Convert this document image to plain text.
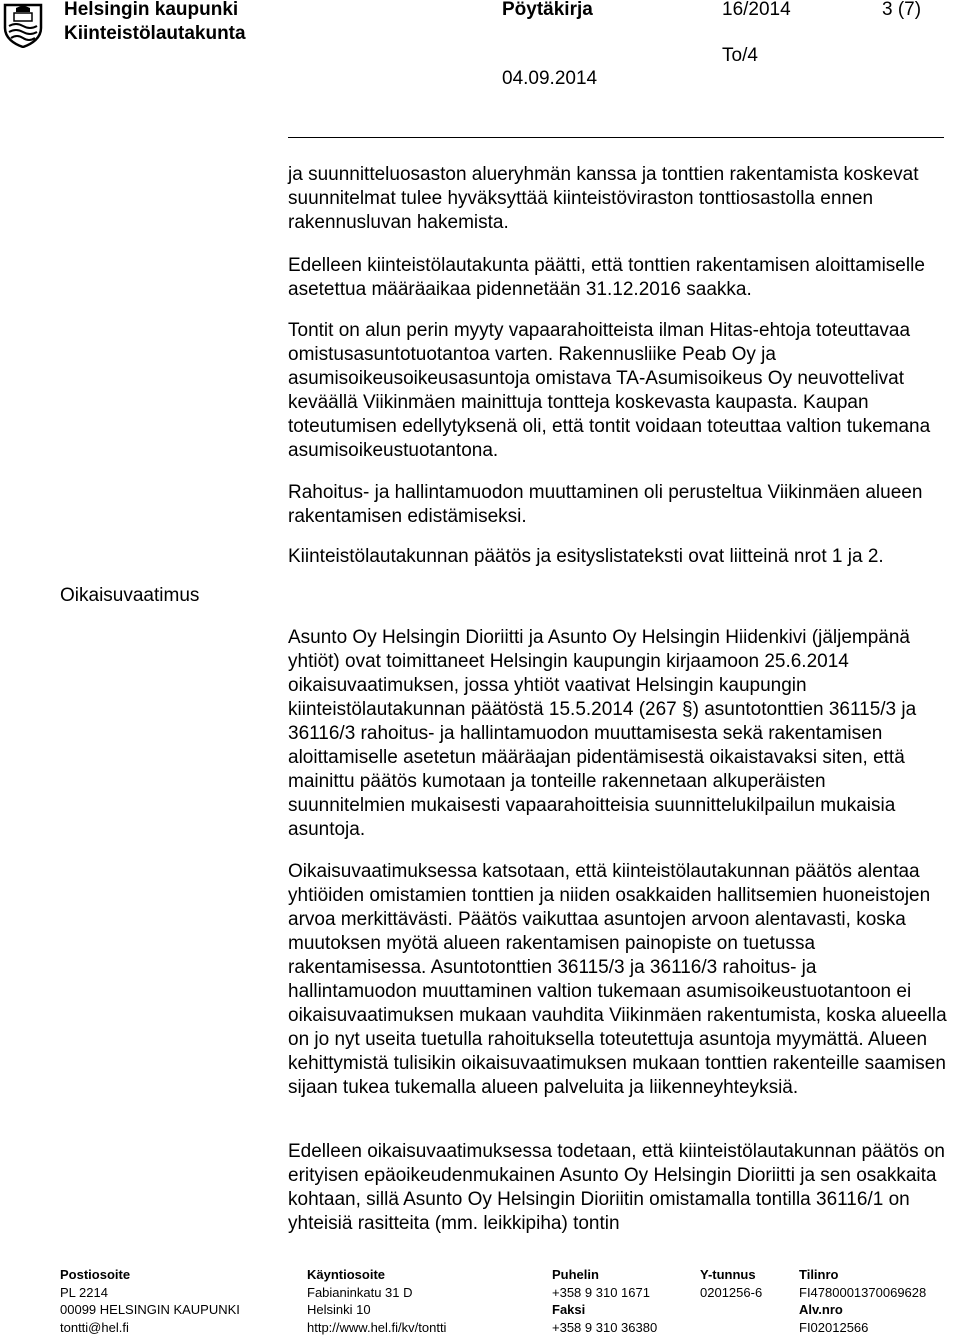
Helsingin kaupunki
Kiinteistölautakunta
Pöytäkirja	16/2014	3 (7)
To/4
04.09.2014
Oikaisuvaatimus
ja suunnitteluosaston alueryhmän kanssa ja tonttien rakentamista koskevat suunnitelmat tulee hyväksyttää kiinteistöviraston tonttiosastolla ennen rakennusluvan hakemista.
Edelleen kiinteistölautakunta päätti, että tonttien rakentamisen aloittamiselle asetettua määräaikaa pidennetään 31.12.2016 saakka.
Tontit on alun perin myyty vapaarahoitteista ilman Hitas-ehtoja toteuttavaa omistusasuntotuotantoa varten. Rakennusliike Peab Oy ja asumisoikeusoikeusasuntoja omistava TA-Asumisoikeus Oy neuvottelivat keväällä Viikinmäen mainittuja tontteja koskevasta kaupasta. Kaupan toteutumisen edellytyksenä oli, että tontit voidaan toteuttaa valtion tukemana asumisoikeustuotantona.
Rahoitus- ja hallintamuodon muuttaminen oli perusteltua Viikinmäen alueen rakentamisen edistämiseksi.
Kiinteistölautakunnan päätös ja esityslistateksti ovat liitteinä nrot 1 ja 2.
Asunto Oy Helsingin Dioriitti ja Asunto Oy Helsingin Hiidenkivi (jäljempänä yhtiöt) ovat toimittaneet Helsingin kaupungin kirjaamoon 25.6.2014 oikaisuvaatimuksen, jossa yhtiöt vaativat Helsingin kaupungin kiinteistölautakunnan päätöstä 15.5.2014 (267 §) asuntotonttien 36115/3 ja 36116/3 rahoitus- ja hallintamuodon muuttamisesta sekä rakentamisen aloittamiselle asetetun määräajan pidentämisestä oikaistavaksi siten, että mainittu päätös kumotaan ja tonteille rakennetaan alkuperäisten suunnitelmien mukaisesti vapaarahoitteisia suunnittelukilpailun mukaisia asuntoja.
Oikaisuvaatimuksessa katsotaan, että kiinteistölautakunnan päätös alentaa yhtiöiden omistamien tonttien ja niiden osakkaiden hallitsemien huoneistojen arvoa merkittävästi. Päätös vaikuttaa asuntojen arvoon alentavasti, koska muutoksen myötä alueen rakentamisen painopiste on tuetussa rakentamisessa. Asuntotonttien 36115/3 ja 36116/3 rahoitus- ja hallintamuodon muuttaminen valtion tukemaan asumisoikeustuotantoon ei oikaisuvaatimuksen mukaan vauhdita Viikinmäen rakentumista, koska alueella on jo nyt useita tuetulla rahoituksella toteutettuja asuntoja myymättä. Alueen kehittymistä tulisikin oikaisuvaatimuksen mukaan tonttien rakenteille saamisen sijaan tukea tukemalla alueen palveluita ja liikenneyhteyksiä.
Edelleen oikaisuvaatimuksessa todetaan, että kiinteistölautakunnan päätös on erityisen epäoikeudenmukainen Asunto Oy Helsingin Dioriitti ja sen osakkaita kohtaan, sillä Asunto Oy Helsingin Dioriitin omistamalla tontilla 36116/1 on yhteisiä rasitteita (mm. leikkipiha) tontin
Postiosoite
PL 2214
00099 HELSINGIN KAUPUNKI
tontti@hel.fi
Käyntiosoite
Fabianinkatu 31 D
Helsinki 10
http://www.hel.fi/kv/tontti
Puhelin
+358 9 310 1671
Faksi
+358 9 310 36380
Y-tunnus
0201256-6
Tilinro
FI4780001370069628
Alv.nro
FI02012566
